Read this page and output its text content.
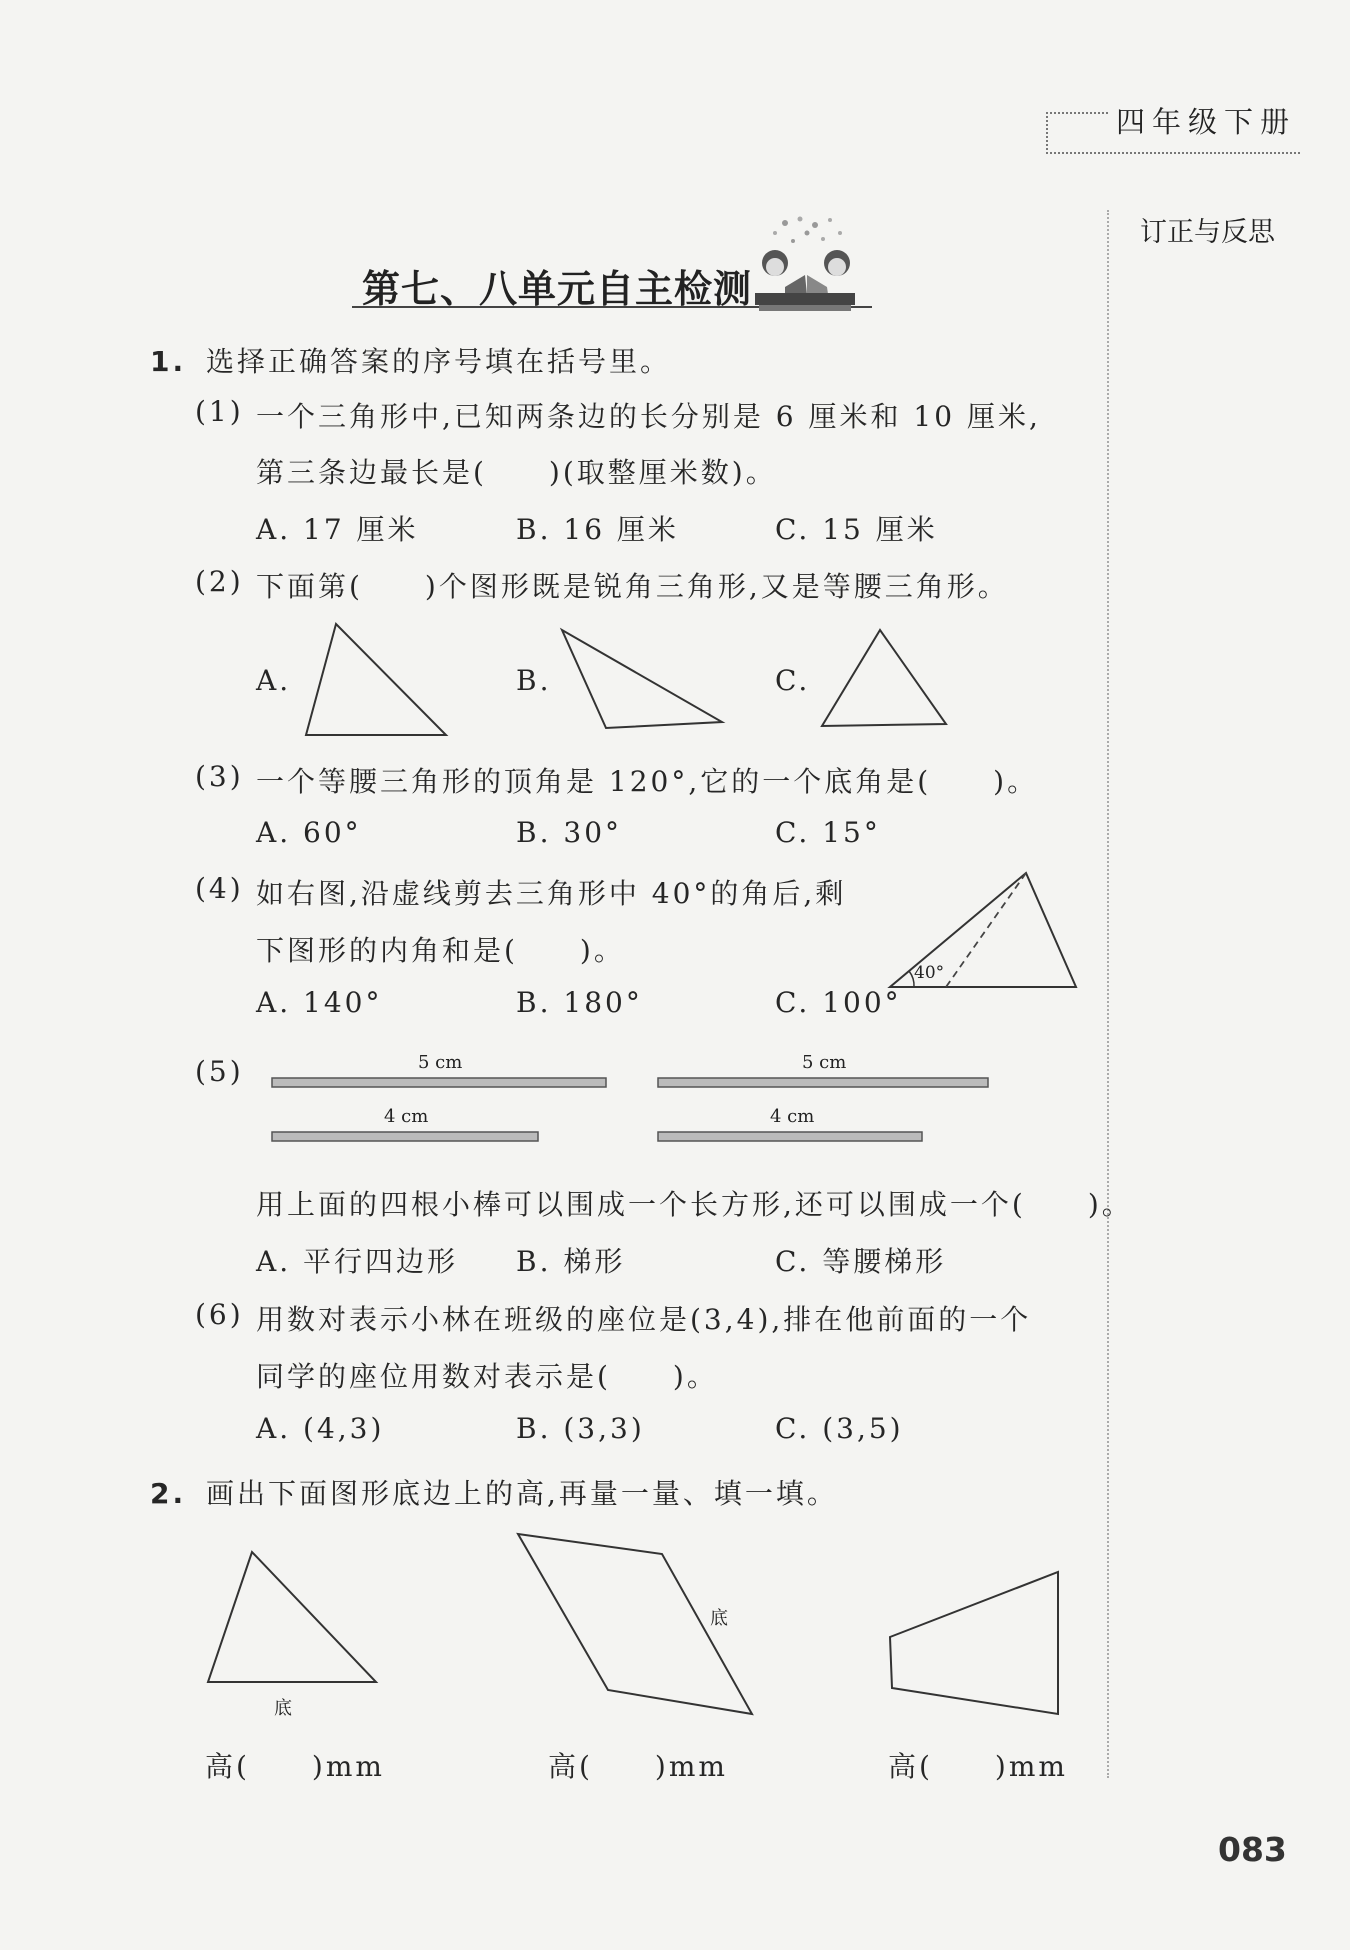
四年级下册
订正与反思
第七、八单元自主检测
1. 选择正确答案的序号填在括号里。
(1) 一个三角形中,已知两条边的长分别是 6 厘米和 10 厘米,
第三条边最长是(　　)(取整厘米数)。
A. 17 厘米	B. 16 厘米	C. 15 厘米
(2) 下面第(　　)个图形既是锐角三角形,又是等腰三角形。
A.	B.	C.
(3) 一个等腰三角形的顶角是 120°,它的一个底角是(　　)。
A. 60°	B. 30°	C. 15°
(4) 如右图,沿虚线剪去三角形中 40°的角后,剩
下图形的内角和是(　　)。
A. 140°	B. 180°	C. 100°
40°
(5)	5 cm
4 cm
5 cm
4 cm
用上面的四根小棒可以围成一个长方形,还可以围成一个(　　)。
A. 平行四边形 B. 梯形	C. 等腰梯形
(6) 用数对表示小林在班级的座位是(3,4),排在他前面的一个
同学的座位用数对表示是(　　)。
A. (4,3)	B. (3,3)	C. (3,5)
2. 画出下面图形底边上的高,再量一量、填一填。
底
底
高(　　)mm	高(　　)mm	高(　　)mm
083
